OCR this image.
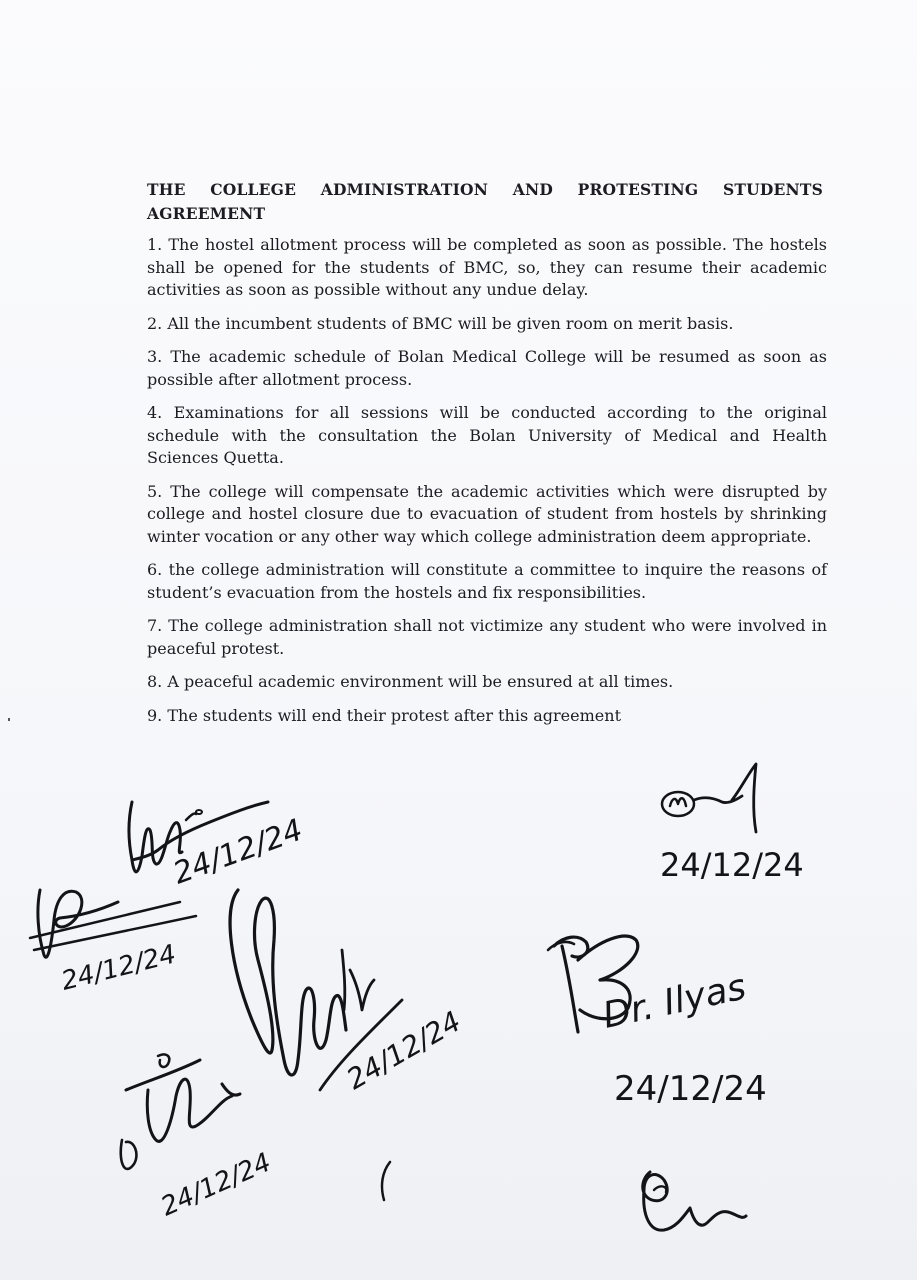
THE COLLEGE ADMINISTRATION AND PROTESTING STUDENTS
AGREEMENT
1. The hostel allotment process will be completed as soon as possible. The hostels shall be opened for the students of BMC, so, they can resume their academic activities as soon as possible without any undue delay.
2. All the incumbent students of BMC will be given room on merit basis.
3. The academic schedule of Bolan Medical College will be resumed as soon as possible after allotment process.
4. Examinations for all sessions will be conducted according to the original schedule with the consultation the Bolan University of Medical and Health Sciences Quetta.
5. The college will compensate the academic activities which were disrupted by college and hostel closure due to evacuation of student from hostels by shrinking winter vocation or any other way which college administration deem appropriate.
6. the college administration will constitute a committee to inquire the reasons of student’s evacuation from the hostels and fix responsibilities.
7. The college administration shall not victimize any student who were involved in peaceful protest.
8. A peaceful academic environment will be ensured at all times.
9. The students will end their protest after this agreement
24/12/24
24/12/24
24/12/24
24/12/24
24/12/24
Dr. Ilyas
24/12/24
